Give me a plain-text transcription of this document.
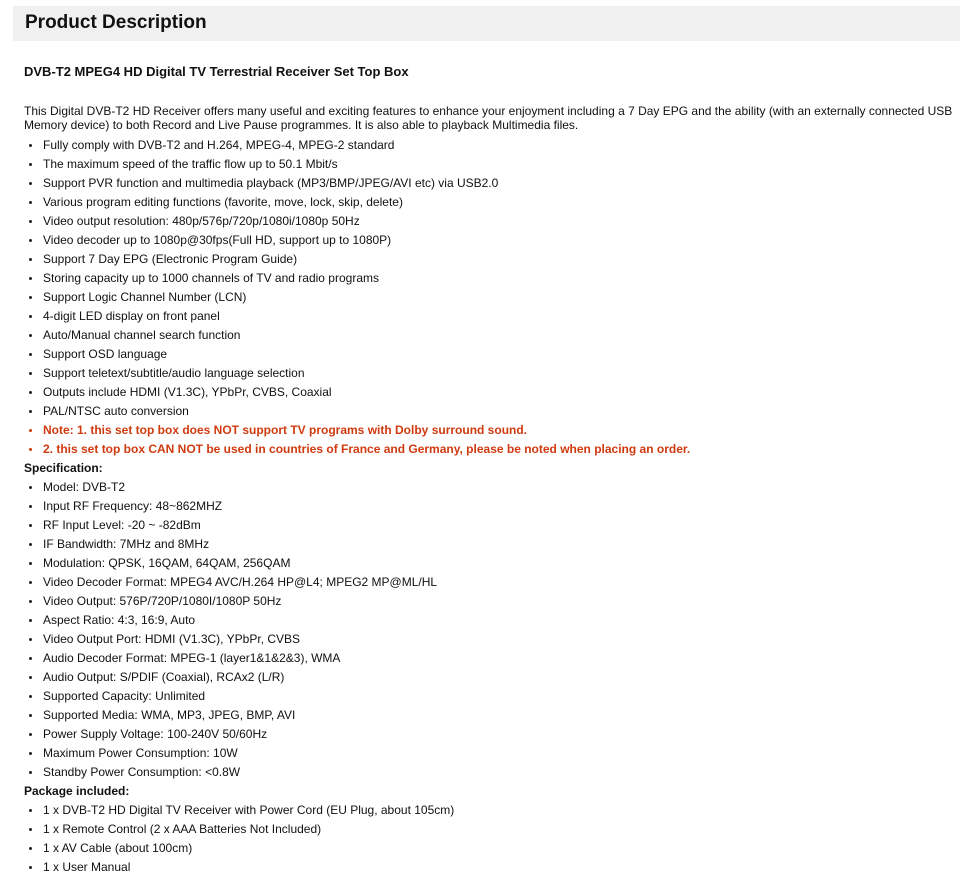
Product Description
DVB-T2 MPEG4 HD Digital TV Terrestrial Receiver Set Top Box

This Digital DVB-T2 HD Receiver offers many useful and exciting features to enhance your enjoyment including a 7 Day EPG and the ability (with an externally connected USB Memory device) to both Record and Live Pause programmes. It is also able to playback Multimedia files.

Fully comply with DVB-T2 and H.264, MPEG-4, MPEG-2 standard
The maximum speed of the traffic flow up to 50.1 Mbit/s
Support PVR function and multimedia playback (MP3/BMP/JPEG/AVI etc) via USB2.0
Various program editing functions (favorite, move, lock, skip, delete)
Video output resolution: 480p/576p/720p/1080i/1080p 50Hz
Video decoder up to 1080p@30fps(Full HD, support up to 1080P)
Support 7 Day EPG (Electronic Program Guide)
Storing capacity up to 1000 channels of TV and radio programs
Support Logic Channel Number (LCN)
4-digit LED display on front panel
Auto/Manual channel search function
Support OSD language
Support teletext/subtitle/audio language selection
Outputs include HDMI (V1.3C), YPbPr, CVBS, Coaxial
PAL/NTSC auto conversion
Note: 1. this set top box does NOT support TV programs with Dolby surround sound.
2. this set top box CAN NOT be used in countries of France and Germany, please be noted when placing an order.
Specification:
Model: DVB-T2
Input RF Frequency: 48~862MHZ
RF Input Level: -20 ~ -82dBm
IF Bandwidth: 7MHz and 8MHz
Modulation: QPSK, 16QAM, 64QAM, 256QAM
Video Decoder Format: MPEG4 AVC/H.264 HP@L4; MPEG2 MP@ML/HL
Video Output: 576P/720P/1080I/1080P 50Hz
Aspect Ratio: 4:3, 16:9, Auto
Video Output Port: HDMI (V1.3C), YPbPr, CVBS
Audio Decoder Format: MPEG-1 (layer1&1&2&3), WMA
Audio Output: S/PDIF (Coaxial), RCAx2 (L/R)
Supported Capacity: Unlimited
Supported Media: WMA, MP3, JPEG, BMP, AVI
Power Supply Voltage: 100-240V 50/60Hz
Maximum Power Consumption: 10W
Standby Power Consumption: <0.8W
Package included:
1 x DVB-T2 HD Digital TV Receiver with Power Cord (EU Plug, about 105cm)
1 x Remote Control (2 x AAA Batteries Not Included)
1 x AV Cable (about 100cm)
1 x User Manual
